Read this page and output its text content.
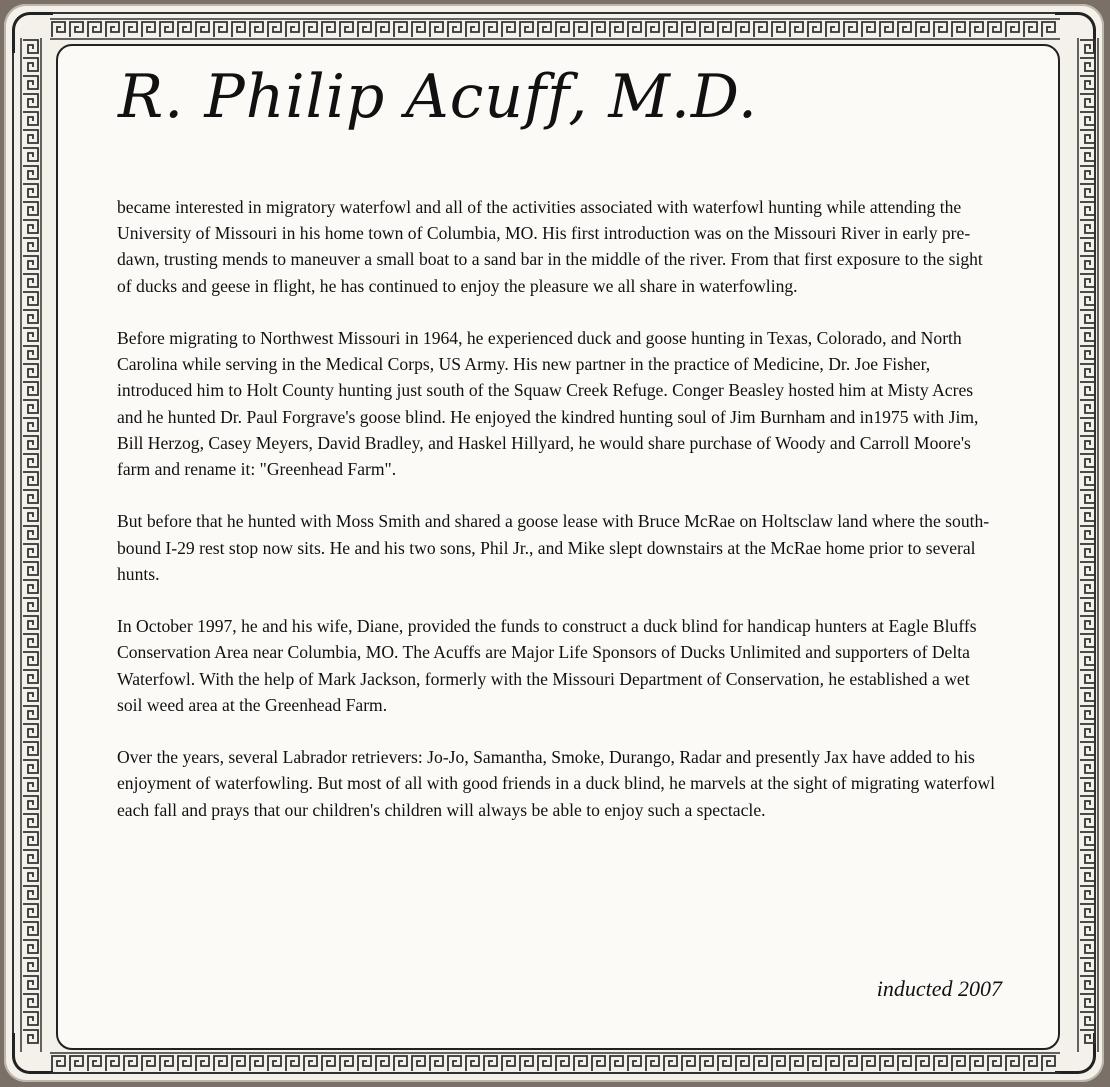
R. Philip Acuff, M.D.

became interested in migratory waterfowl and all of the activities associated with waterfowl hunting while attending the University of Missouri in his home town of Columbia, MO. His first introduction was on the Missouri River in early pre-dawn, trusting mends to maneuver a small boat to a sand bar in the middle of the river. From that first exposure to the sight of ducks and geese in flight, he has continued to enjoy the pleasure we all share in waterfowling.

Before migrating to Northwest Missouri in 1964, he experienced duck and goose hunting in Texas, Colorado, and North Carolina while serving in the Medical Corps, US Army. His new partner in the practice of Medicine, Dr. Joe Fisher, introduced him to Holt County hunting just south of the Squaw Creek Refuge. Conger Beasley hosted him at Misty Acres and he hunted Dr. Paul Forgrave's goose blind. He enjoyed the kindred hunting soul of Jim Burnham and in1975 with Jim, Bill Herzog, Casey Meyers, David Bradley, and Haskel Hillyard, he would share purchase of Woody and Carroll Moore's farm and rename it: "Greenhead Farm".

But before that he hunted with Moss Smith and shared a goose lease with Bruce McRae on Holtsclaw land where the south-bound I-29 rest stop now sits. He and his two sons, Phil Jr., and Mike slept downstairs at the McRae home prior to several hunts.

In October 1997, he and his wife, Diane, provided the funds to construct a duck blind for handicap hunters at Eagle Bluffs Conservation Area near Columbia, MO. The Acuffs are Major Life Sponsors of Ducks Unlimited and supporters of Delta Waterfowl. With the help of Mark Jackson, formerly with the Missouri Department of Conservation, he established a wet soil weed area at the Greenhead Farm.

Over the years, several Labrador retrievers: Jo-Jo, Samantha, Smoke, Durango, Radar and presently Jax have added to his enjoyment of waterfowling. But most of all with good friends in a duck blind, he marvels at the sight of migrating waterfowl each fall and prays that our children's children will always be able to enjoy such a spectacle.

inducted 2007
